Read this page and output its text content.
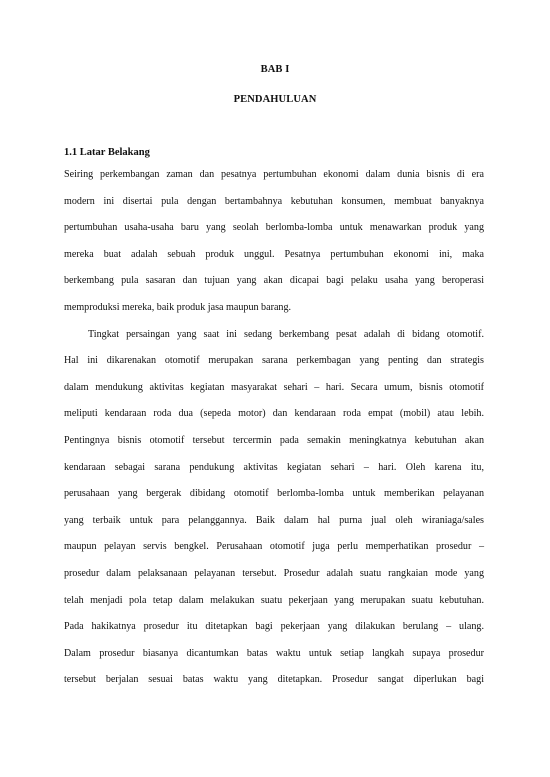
BAB I
PENDAHULUAN
1.1 Latar Belakang
Seiring perkembangan zaman dan pesatnya pertumbuhan ekonomi dalam dunia bisnis di era
modern ini disertai pula dengan bertambahnya kebutuhan konsumen, membuat banyaknya
pertumbuhan usaha-usaha baru yang seolah berlomba-lomba untuk menawarkan produk yang
mereka buat adalah sebuah produk unggul. Pesatnya pertumbuhan ekonomi ini, maka
berkembang pula sasaran dan tujuan yang akan dicapai bagi pelaku usaha yang beroperasi
memproduksi mereka, baik produk jasa maupun barang.
Tingkat persaingan yang saat ini sedang berkembang pesat adalah di bidang otomotif.
Hal ini dikarenakan otomotif merupakan sarana perkembagan yang penting dan strategis
dalam mendukung aktivitas kegiatan masyarakat sehari – hari. Secara umum, bisnis otomotif
meliputi kendaraan roda dua (sepeda motor) dan kendaraan roda empat (mobil) atau lebih.
Pentingnya bisnis otomotif tersebut tercermin pada semakin meningkatnya kebutuhan akan
kendaraan sebagai sarana pendukung aktivitas kegiatan sehari – hari. Oleh karena itu,
perusahaan yang bergerak dibidang otomotif berlomba-lomba untuk memberikan pelayanan
yang terbaik untuk para pelanggannya. Baik dalam hal purna jual oleh wiraniaga/sales
maupun pelayan servis bengkel. Perusahaan otomotif juga perlu memperhatikan prosedur –
prosedur dalam pelaksanaan pelayanan tersebut. Prosedur adalah suatu rangkaian mode yang
telah menjadi pola tetap dalam melakukan suatu pekerjaan yang merupakan suatu kebutuhan.
Pada hakikatnya prosedur itu ditetapkan bagi pekerjaan yang dilakukan berulang – ulang.
Dalam prosedur biasanya dicantumkan batas waktu untuk setiap langkah supaya prosedur
tersebut berjalan sesuai batas waktu yang ditetapkan. Prosedur sangat diperlukan bagi
